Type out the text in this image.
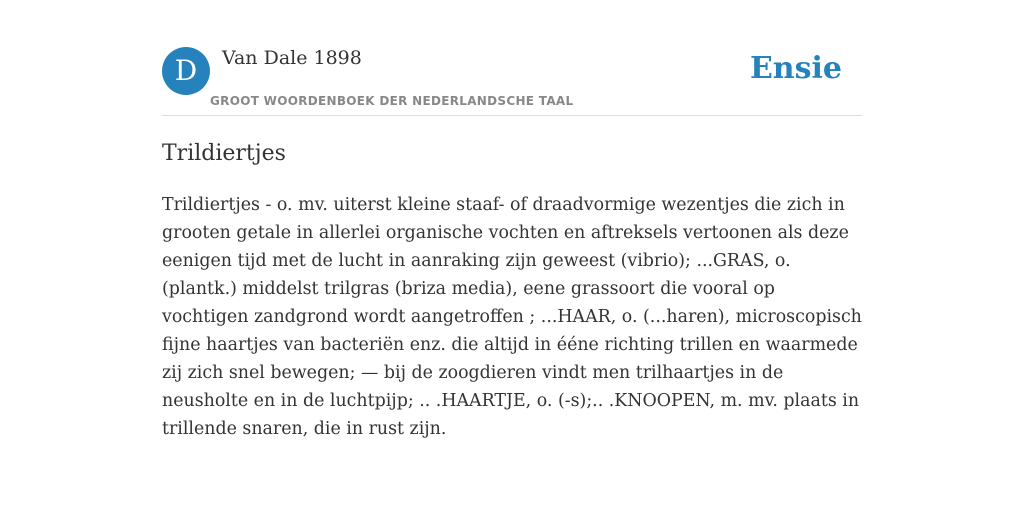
D	Van Dale 1898
GROOT WOORDENBOEK DER NEDERLANDSCHE TAAL
Ensie
Trildiertjes
Trildiertjes - o. mv. uiterst kleine staaf- of draadvormige wezentjes die zich in grooten getale in allerlei organische vochten en aftreksels vertoonen als deze eenigen tijd met de lucht in aanraking zijn geweest (vibrio); ...GRAS, o. (plantk.) middelst trilgras (briza media), eene grassoort die vooral op vochtigen zandgrond wordt aangetroffen ; ...HAAR, o. (...haren), microscopisch fijne haartjes van bacteriën enz. die altijd in ééne richting trillen en waarmede zij zich snel bewegen; — bij de zoogdieren vindt men trilhaartjes in de neusholte en in de luchtpijp; .. .HAARTJE, o. (-s);.. .KNOOPEN, m. mv. plaats in trillende snaren, die in rust zijn.
